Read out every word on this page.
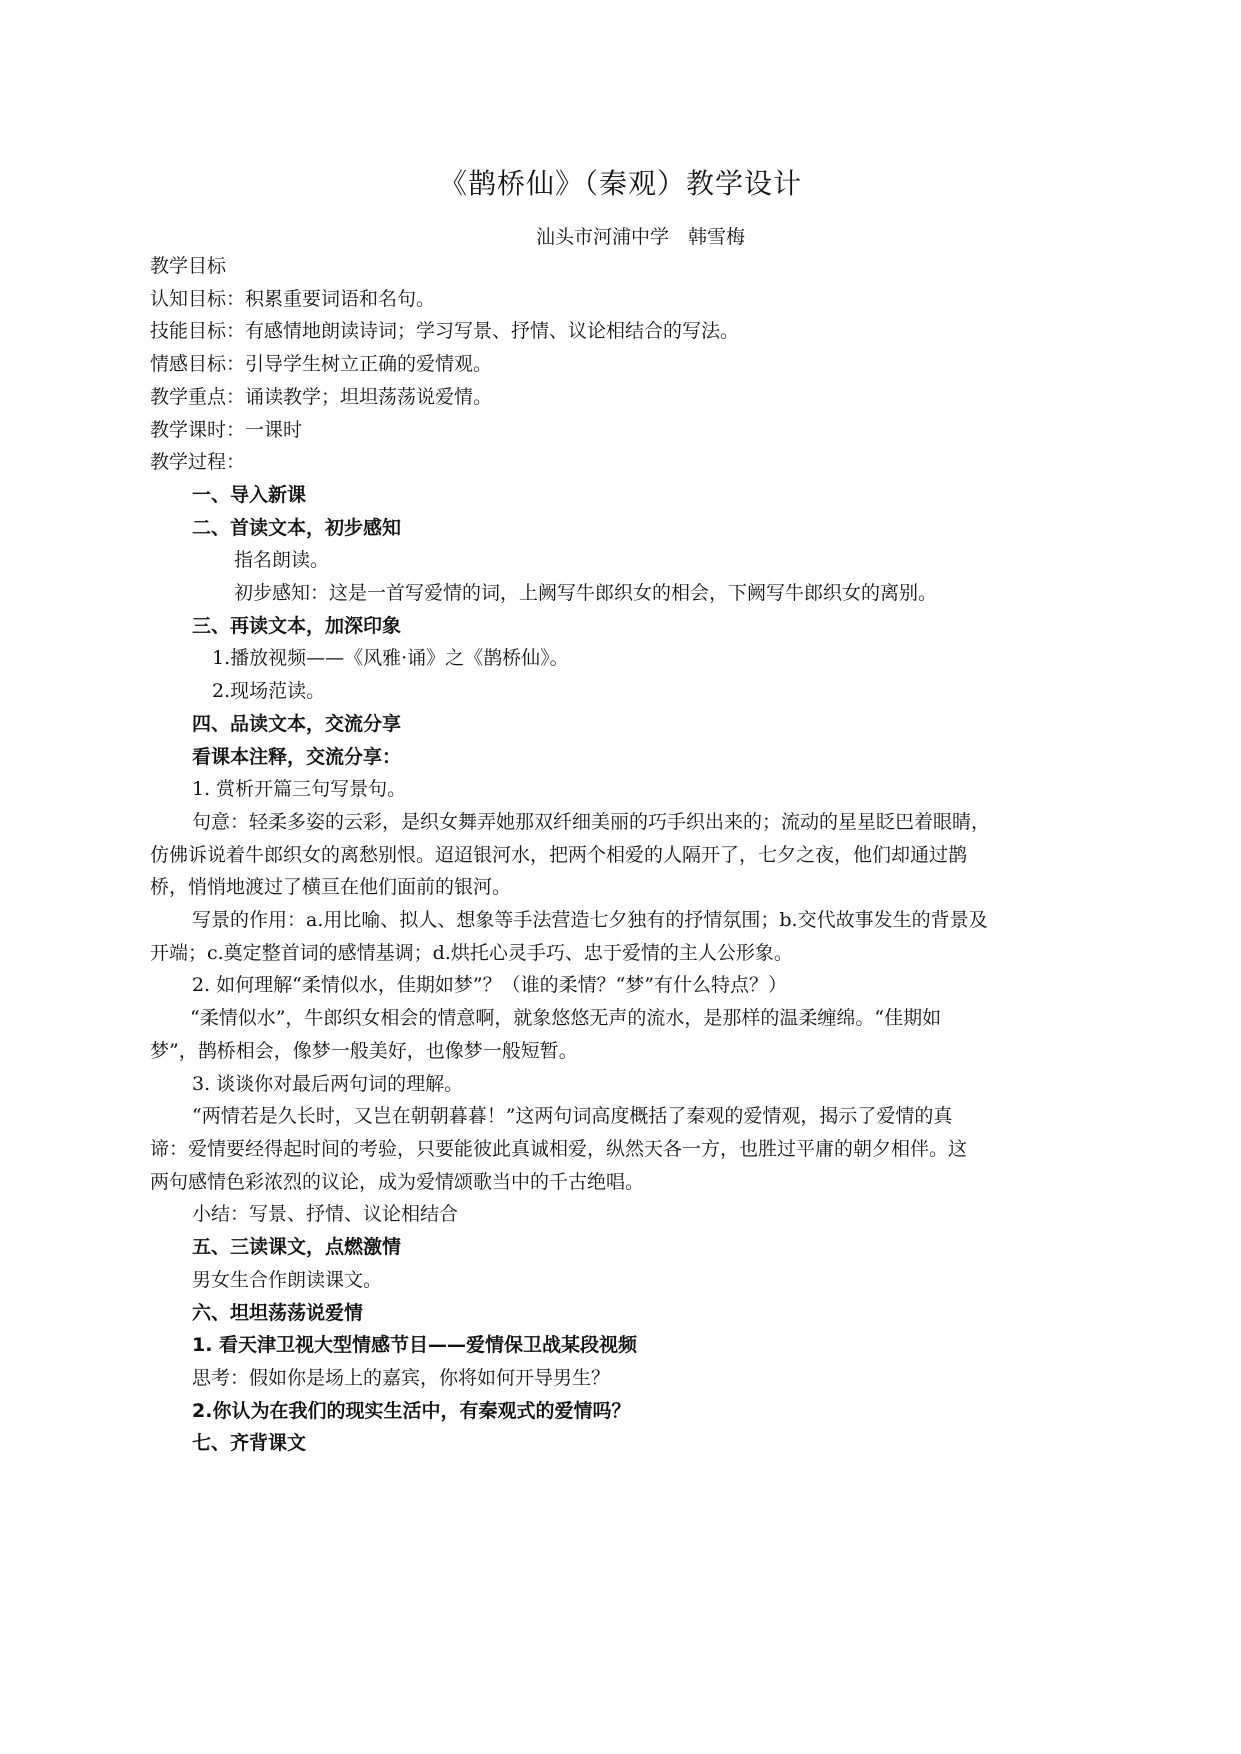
《鹊桥仙》（秦观）教学设计
汕头市河浦中学　韩雪梅
教学目标
认知目标：积累重要词语和名句。
技能目标：有感情地朗读诗词；学习写景、抒情、议论相结合的写法。
情感目标：引导学生树立正确的爱情观。
教学重点：诵读教学；坦坦荡荡说爱情。
教学课时：一课时
教学过程：
一、导入新课
二、首读文本，初步感知
指名朗读。
初步感知：这是一首写爱情的词，上阙写牛郎织女的相会，下阙写牛郎织女的离别。
三、再读文本，加深印象
1.播放视频——《风雅·诵》之《鹊桥仙》。
2.现场范读。
四、品读文本，交流分享
看课本注释，交流分享：
1. 赏析开篇三句写景句。
句意：轻柔多姿的云彩，是织女舞弄她那双纤细美丽的巧手织出来的；流动的星星眨巴着眼睛，
仿佛诉说着牛郎织女的离愁别恨。迢迢银河水，把两个相爱的人隔开了，七夕之夜，他们却通过鹊
桥，悄悄地渡过了横亘在他们面前的银河。
写景的作用：a.用比喻、拟人、想象等手法营造七夕独有的抒情氛围；b.交代故事发生的背景及
开端；c.奠定整首词的感情基调；d.烘托心灵手巧、忠于爱情的主人公形象。
2. 如何理解“柔情似水，佳期如梦”？（谁的柔情？“梦”有什么特点？）
“柔情似水”，牛郎织女相会的情意啊，就象悠悠无声的流水，是那样的温柔缠绵。“佳期如
梦”，鹊桥相会，像梦一般美好，也像梦一般短暂。
3. 谈谈你对最后两句词的理解。
“两情若是久长时，又岂在朝朝暮暮！”这两句词高度概括了秦观的爱情观，揭示了爱情的真
谛：爱情要经得起时间的考验，只要能彼此真诚相爱，纵然天各一方，也胜过平庸的朝夕相伴。这
两句感情色彩浓烈的议论，成为爱情颂歌当中的千古绝唱。
小结：写景、抒情、议论相结合
五、三读课文，点燃激情
男女生合作朗读课文。
六、坦坦荡荡说爱情
1. 看天津卫视大型情感节目——爱情保卫战某段视频
思考：假如你是场上的嘉宾，你将如何开导男生？
2.你认为在我们的现实生活中，有秦观式的爱情吗？
七、齐背课文
